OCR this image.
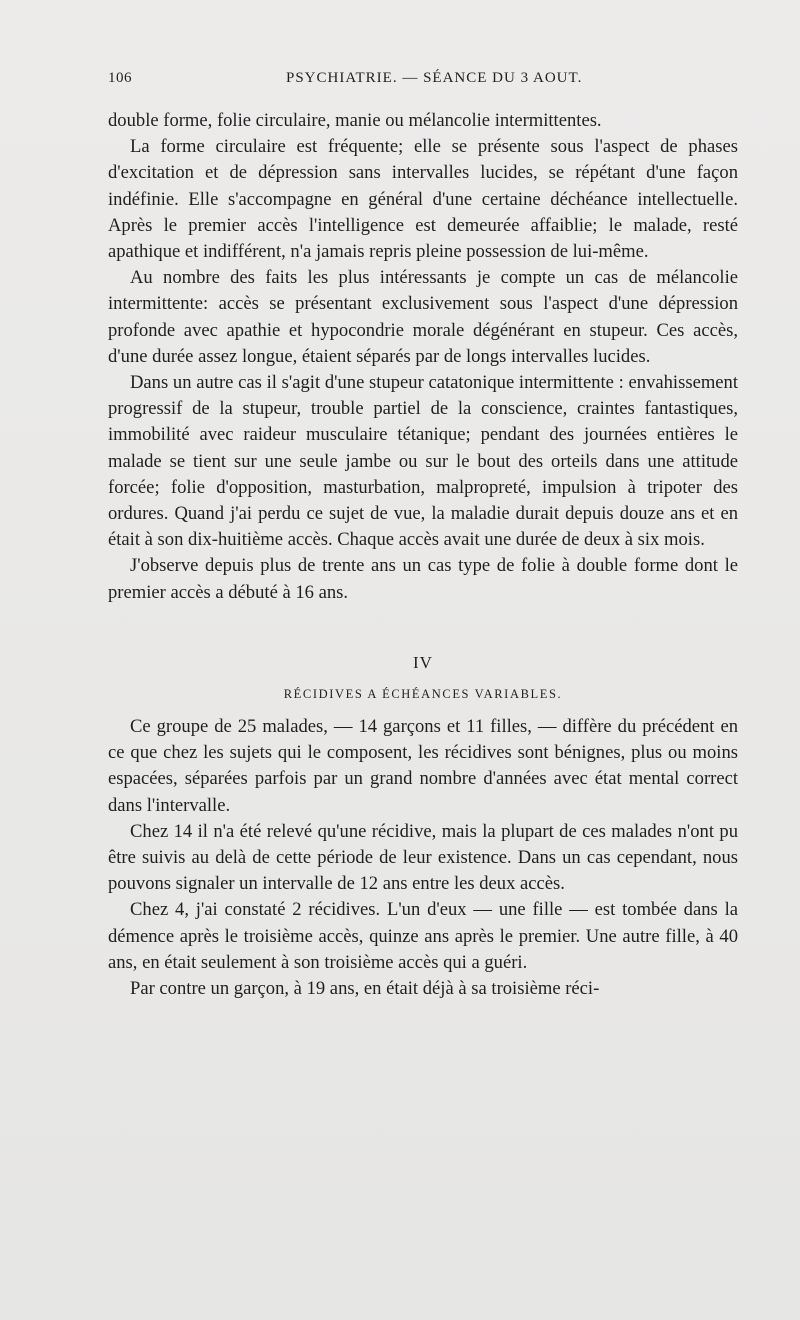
106	PSYCHIATRIE. — SÉANCE DU 3 AOUT.

double forme, folie circulaire, manie ou mélancolie intermittentes.

La forme circulaire est fréquente; elle se présente sous l'aspect de phases d'excitation et de dépression sans intervalles lucides, se répétant d'une façon indéfinie. Elle s'accompagne en général d'une certaine déchéance intellectuelle. Après le premier accès l'intelligence est demeurée affaiblie; le malade, resté apathique et indifférent, n'a jamais repris pleine possession de lui-même.

Au nombre des faits les plus intéressants je compte un cas de mélancolie intermittente: accès se présentant exclusivement sous l'aspect d'une dépression profonde avec apathie et hypocondrie morale dégénérant en stupeur. Ces accès, d'une durée assez longue, étaient séparés par de longs intervalles lucides.

Dans un autre cas il s'agit d'une stupeur catatonique intermittente : envahissement progressif de la stupeur, trouble partiel de la conscience, craintes fantastiques, immobilité avec raideur musculaire tétanique; pendant des journées entières le malade se tient sur une seule jambe ou sur le bout des orteils dans une attitude forcée; folie d'opposition, masturbation, malpropreté, impulsion à tripoter des ordures. Quand j'ai perdu ce sujet de vue, la maladie durait depuis douze ans et en était à son dix-huitième accès. Chaque accès avait une durée de deux à six mois.

J'observe depuis plus de trente ans un cas type de folie à double forme dont le premier accès a débuté à 16 ans.

IV
RÉCIDIVES A ÉCHÉANCES VARIABLES.

Ce groupe de 25 malades, — 14 garçons et 11 filles, — diffère du précédent en ce que chez les sujets qui le composent, les récidives sont bénignes, plus ou moins espacées, séparées parfois par un grand nombre d'années avec état mental correct dans l'intervalle.

Chez 14 il n'a été relevé qu'une récidive, mais la plupart de ces malades n'ont pu être suivis au delà de cette période de leur existence. Dans un cas cependant, nous pouvons signaler un intervalle de 12 ans entre les deux accès.

Chez 4, j'ai constaté 2 récidives. L'un d'eux — une fille — est tombée dans la démence après le troisième accès, quinze ans après le premier. Une autre fille, à 40 ans, en était seulement à son troisième accès qui a guéri.

Par contre un garçon, à 19 ans, en était déjà à sa troisième réci-
